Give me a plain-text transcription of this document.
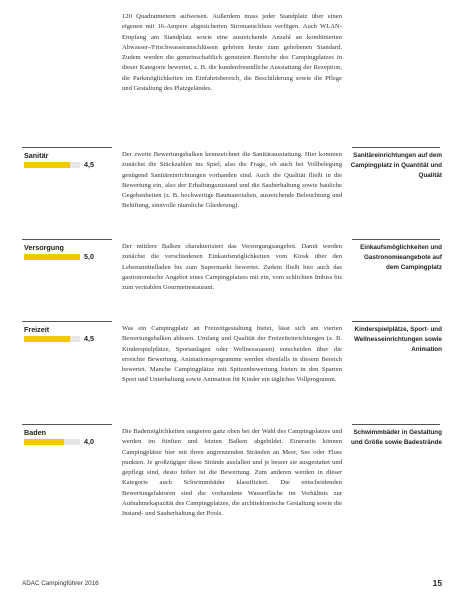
120 Quadratmetern aufweisen. Außerdem muss jeder Standplatz über einen eigenen mit 16-Ampere abgesicherten Stromanschluss verfügen. Auch WLAN-Empfang am Standplatz sowie eine ausreichende Anzahl an kombinierten Abwasser-/Frischwasseranschlüssen gehören heute zum gehobenen Standard. Zudem werden die gemeinschaftlich genutzten Bereiche des Campingplatzes in dieser Kategorie bewertet, z. B. die kundenfreundliche Ausstattung der Rezeption, die Parkmöglichkeiten im Einfahrtsbereich, die Beschilderung sowie die Pflege und Gestaltung des Platzgeländes.

Sanitär
4,5

Der zweite Bewertungsbalken kennzeichnet die Sanitärausstattung. Hier kommen zunächst die Stückzahlen ins Spiel, also die Frage, ob auch bei Vollbelegung genügend Sanitäreinrichtungen vorhanden sind. Auch die Qualität fließt in die Bewertung ein, also der Erhaltungszustand und die Sauberhaltung sowie bauliche Gegebenheiten (z. B. hochwertige Baumaterialien, ausreichende Beleuchtung und Belüftung, sinnvolle räumliche Gliederung).

Sanitäreinrichtungen auf dem Campingplatz in Quantität und Qualität

Versorgung
5,0

Der mittlere Balken charakterisiert das Versorgungsangebot. Damit werden zunächst die verschiedenen Einkaufsmöglichkeiten vom Kiosk über den Lebensmittelladen bis zum Supermarkt bewertet. Zudem fließt hier auch das gastronomische Angebot eines Campingplatzes mit ein, vom schlichten Imbiss bis zum veritablen Gourmetrestaurant.

Einkaufsmöglichkeiten und Gastronomieangebote auf dem Campingplatz

Freizeit
4,5

Was ein Campingplatz an Freizeitgestaltung bietet, lässt sich am vierten Bewertungsbalken ablesen. Umfang und Qualität der Freizeiteinrichtungen (z. B. Kinderspielplätze, Sportanlagen oder Wellnessoasen) entscheiden über die erreichte Bewertung. Animationsprogramme werden ebenfalls in diesem Bereich bewertet. Manche Campingplätze mit Spitzenbewertung bieten in den Sparten Sport und Unterhaltung sowie Animation für Kinder ein tägliches Vollprogramm.

Kinderspielplätze, Sport- und Wellnesseinrichtungen sowie Animation

Baden
4,0

Die Bademöglichkeiten rangieren ganz oben bei der Wahl des Campingplatzes und werden im fünften und letzten Balken abgebildet. Einerseits können Campingplätze hier mit ihren angrenzenden Stränden an Meer, See oder Fluss punkten. Je großzügiger diese Strände ausfallen und je besser sie ausgestattet und gepflegt sind, desto höher ist die Bewertung. Zum anderen werden in dieser Kategorie auch Schwimmbäder klassifiziert. Die entscheidenden Bewertungsfaktoren sind die vorhandene Wasserfläche im Verhältnis zur Aufnahmekapazität des Campingplatzes, die architektonische Gestaltung sowie die Instand- und Sauberhaltung der Pools.

Schwimmbäder in Gestaltung und Größe sowie Badestrände

ADAC Campingführer 2016	15
